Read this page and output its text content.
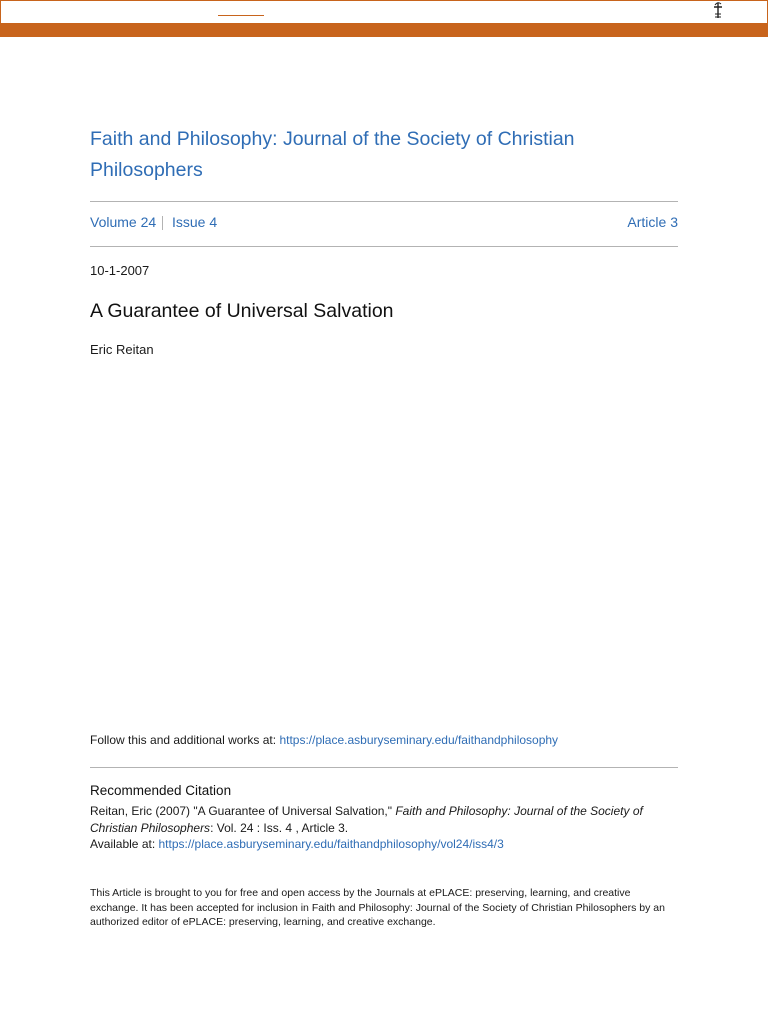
Faith and Philosophy: Journal of the Society of Christian Philosophers
Volume 24 Issue 4	Article 3
10-1-2007
A Guarantee of Universal Salvation
Eric Reitan
Follow this and additional works at: https://place.asburyseminary.edu/faithandphilosophy
Recommended Citation
Reitan, Eric (2007) "A Guarantee of Universal Salvation," Faith and Philosophy: Journal of the Society of Christian Philosophers: Vol. 24 : Iss. 4 , Article 3.
Available at: https://place.asburyseminary.edu/faithandphilosophy/vol24/iss4/3
This Article is brought to you for free and open access by the Journals at ePLACE: preserving, learning, and creative exchange. It has been accepted for inclusion in Faith and Philosophy: Journal of the Society of Christian Philosophers by an authorized editor of ePLACE: preserving, learning, and creative exchange.
